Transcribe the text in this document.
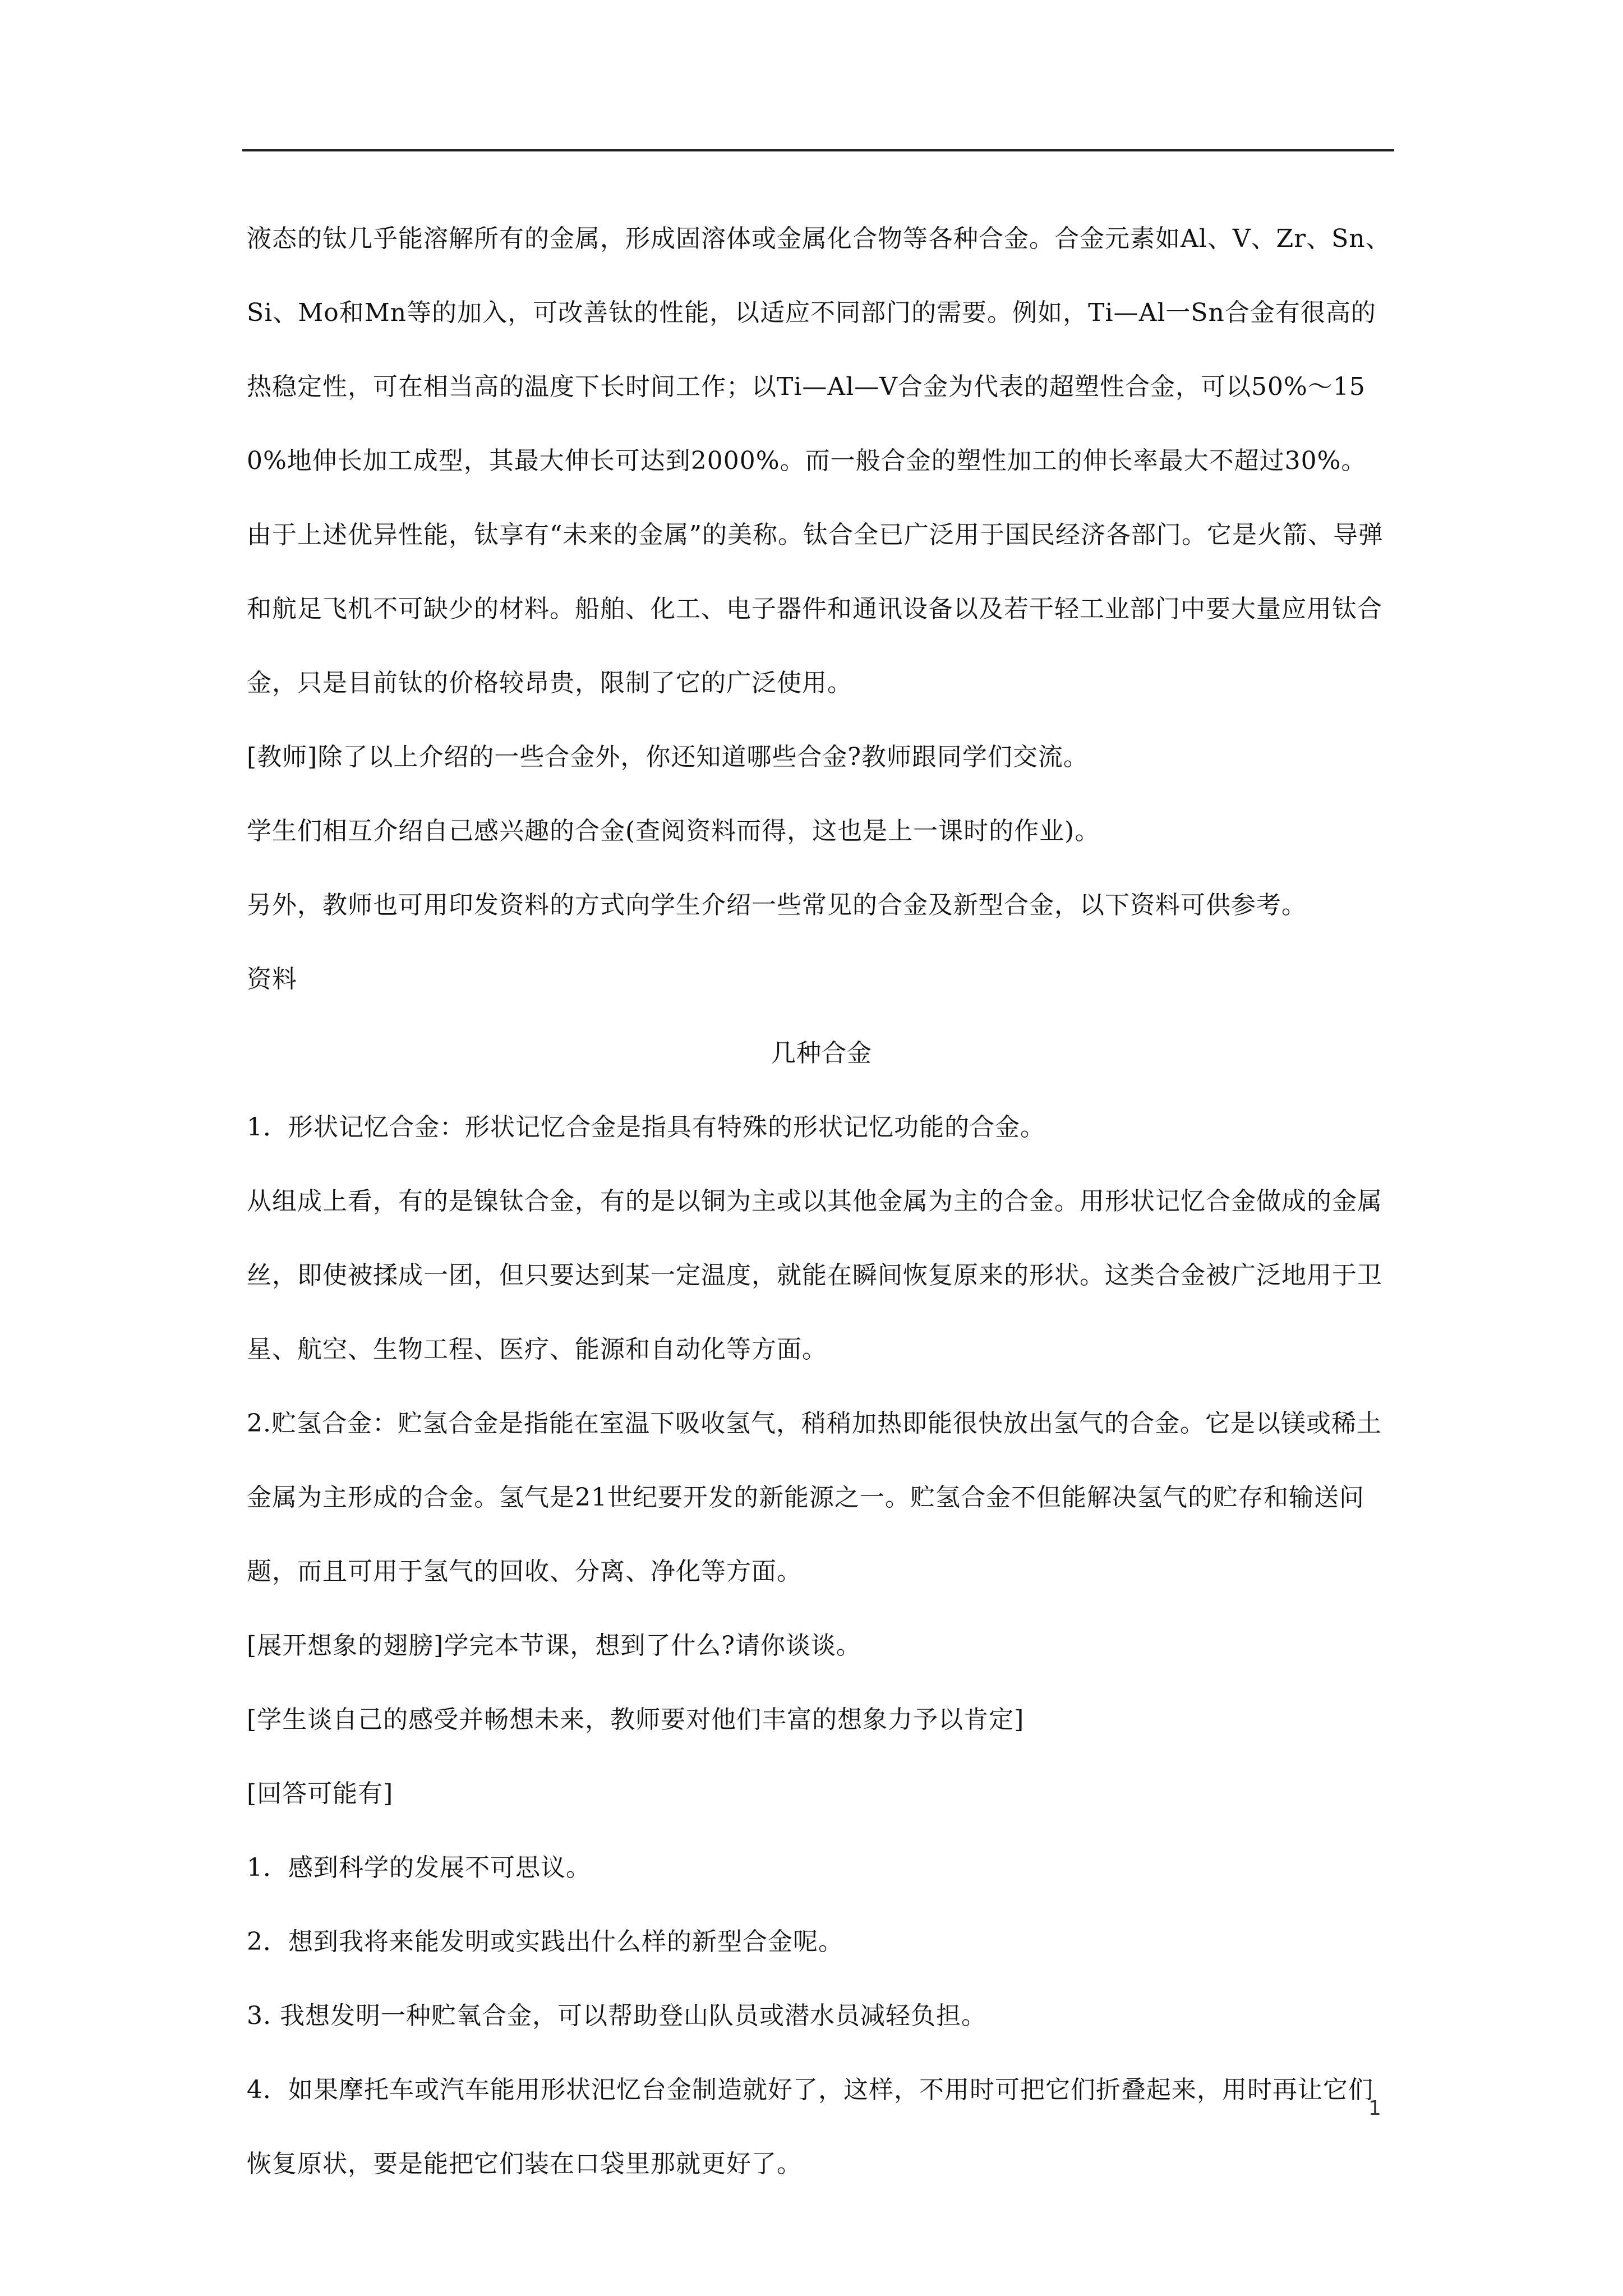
液态的钛几乎能溶解所有的金属，形成固溶体或金属化合物等各种合金。合金元素如Al、V、Zr、Sn、Si、Mo和Mn等的加入，可改善钛的性能，以适应不同部门的需要。例如，Ti—Al一Sn合金有很高的热稳定性，可在相当高的温度下长时间工作；以Ti—Al—V合金为代表的超塑性合金，可以50%～150%地伸长加工成型，其最大伸长可达到2000%。而一般合金的塑性加工的伸长率最大不超过30%。

由于上述优异性能，钛享有“未来的金属”的美称。钛合全已广泛用于国民经济各部门。它是火箭、导弹和航足飞机不可缺少的材料。船舶、化工、电子器件和通讯设备以及若干轻工业部门中要大量应用钛合金，只是目前钛的价格较昂贵，限制了它的广泛使用。

[教师]除了以上介绍的一些合金外，你还知道哪些合金?教师跟同学们交流。

学生们相互介绍自己感兴趣的合金(查阅资料而得，这也是上一课时的作业)。

另外，教师也可用印发资料的方式向学生介绍一些常见的合金及新型合金，以下资料可供参考。

资料

几种合金

1．形状记忆合金：形状记忆合金是指具有特殊的形状记忆功能的合金。

从组成上看，有的是镍钛合金，有的是以铜为主或以其他金属为主的合金。用形状记忆合金做成的金属丝，即使被揉成一团，但只要达到某一定温度，就能在瞬间恢复原来的形状。这类合金被广泛地用于卫星、航空、生物工程、医疗、能源和自动化等方面。

2.贮氢合金：贮氢合金是指能在室温下吸收氢气，稍稍加热即能很快放出氢气的合金。它是以镁或稀土金属为主形成的合金。氢气是21世纪要开发的新能源之一。贮氢合金不但能解决氢气的贮存和输送问题，而且可用于氢气的回收、分离、净化等方面。

[展开想象的翅膀]学完本节课，想到了什么?请你谈谈。

[学生谈自己的感受并畅想未来，教师要对他们丰富的想象力予以肯定]

[回答可能有]

1．感到科学的发展不可思议。

2．想到我将来能发明或实践出什么样的新型合金呢。

3. 我想发明一种贮氧合金，可以帮助登山队员或潜水员减轻负担。

4．如果摩托车或汽车能用形状汜忆台金制造就好了，这样，不用时可把它们折叠起来，用时再让它们恢复原状，要是能把它们装在口袋里那就更好了。

1
